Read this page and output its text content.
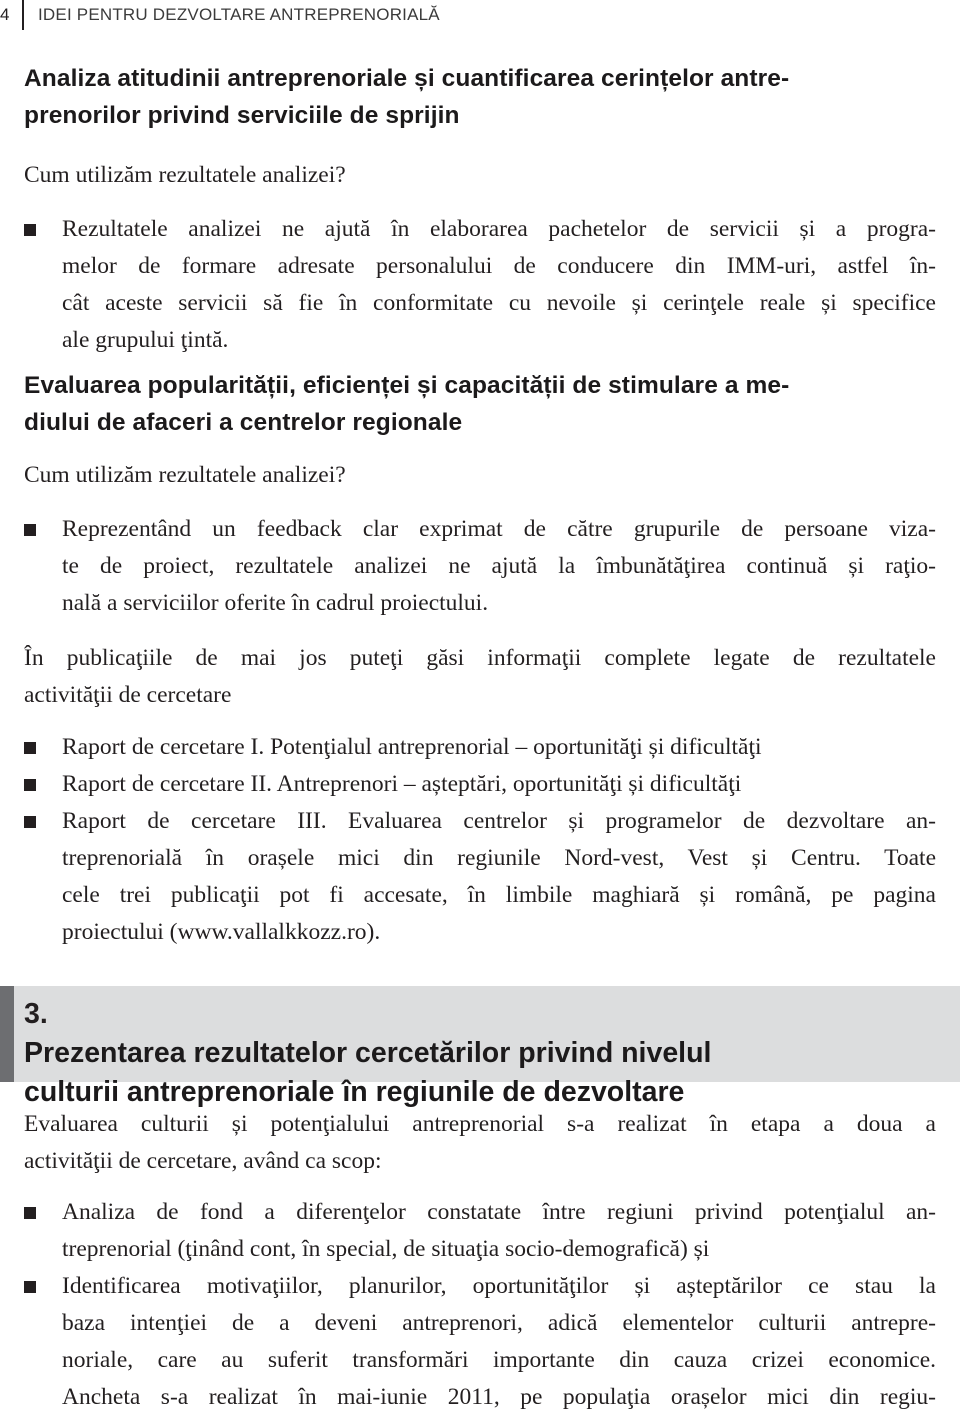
4 IDEI PENTRU DEZVOLTARE ANTREPRENORIALĂ
Analiza atitudinii antreprenoriale și cuantificarea cerințelor antre-
prenorilor privind serviciile de sprijin

Cum utilizăm rezultatele analizei?

Rezultatele analizei ne ajută în elaborarea pachetelor de servicii și a progra-
melor de formare adresate personalului de conducere din IMM-uri, astfel în-
cât aceste servicii să fie în conformitate cu nevoile și cerinţele reale și specifice
ale grupului ţintă.
Evaluarea popularității, eficienței și capacității de stimulare a me-
diului de afaceri a centrelor regionale

Cum utilizăm rezultatele analizei?

Reprezentând un feedback clar exprimat de către grupurile de persoane viza-
te de proiect, rezultatele analizei ne ajută la îmbunătăţirea continuă și raţio-
nală a serviciilor oferite în cadrul proiectului.

În publicaţiile de mai jos puteţi găsi informaţii complete legate de rezultatele
activităţii de cercetare

Raport de cercetare I. Potenţialul antreprenorial – oportunităţi și dificultăţi
Raport de cercetare II. Antreprenori – așteptări, oportunităţi și dificultăţi
Raport de cercetare III. Evaluarea centrelor și programelor de dezvoltare an-
treprenorială în orașele mici din regiunile Nord-vest, Vest și Centru. Toate
cele trei publicaţii pot fi accesate, în limbile maghiară și română, pe pagina
proiectului (www.vallalkkozz.ro).
3.
Prezentarea rezultatelor cercetărilor privind nivelul
culturii antreprenoriale în regiunile de dezvoltare

Evaluarea culturii și potenţialului antreprenorial s-a realizat în etapa a doua a
activităţii de cercetare, având ca scop:

Analiza de fond a diferenţelor constatate între regiuni privind potenţialul an-
treprenorial (ţinând cont, în special, de situaţia socio-demografică) și
Identificarea motivaţiilor, planurilor, oportunităţilor și așteptărilor ce stau la
baza intenţiei de a deveni antreprenori, adică elementelor culturii antrepre-
noriale, care au suferit transformări importante din cauza crizei economice.
Ancheta s-a realizat în mai-iunie 2011, pe populaţia orașelor mici din regiu-
